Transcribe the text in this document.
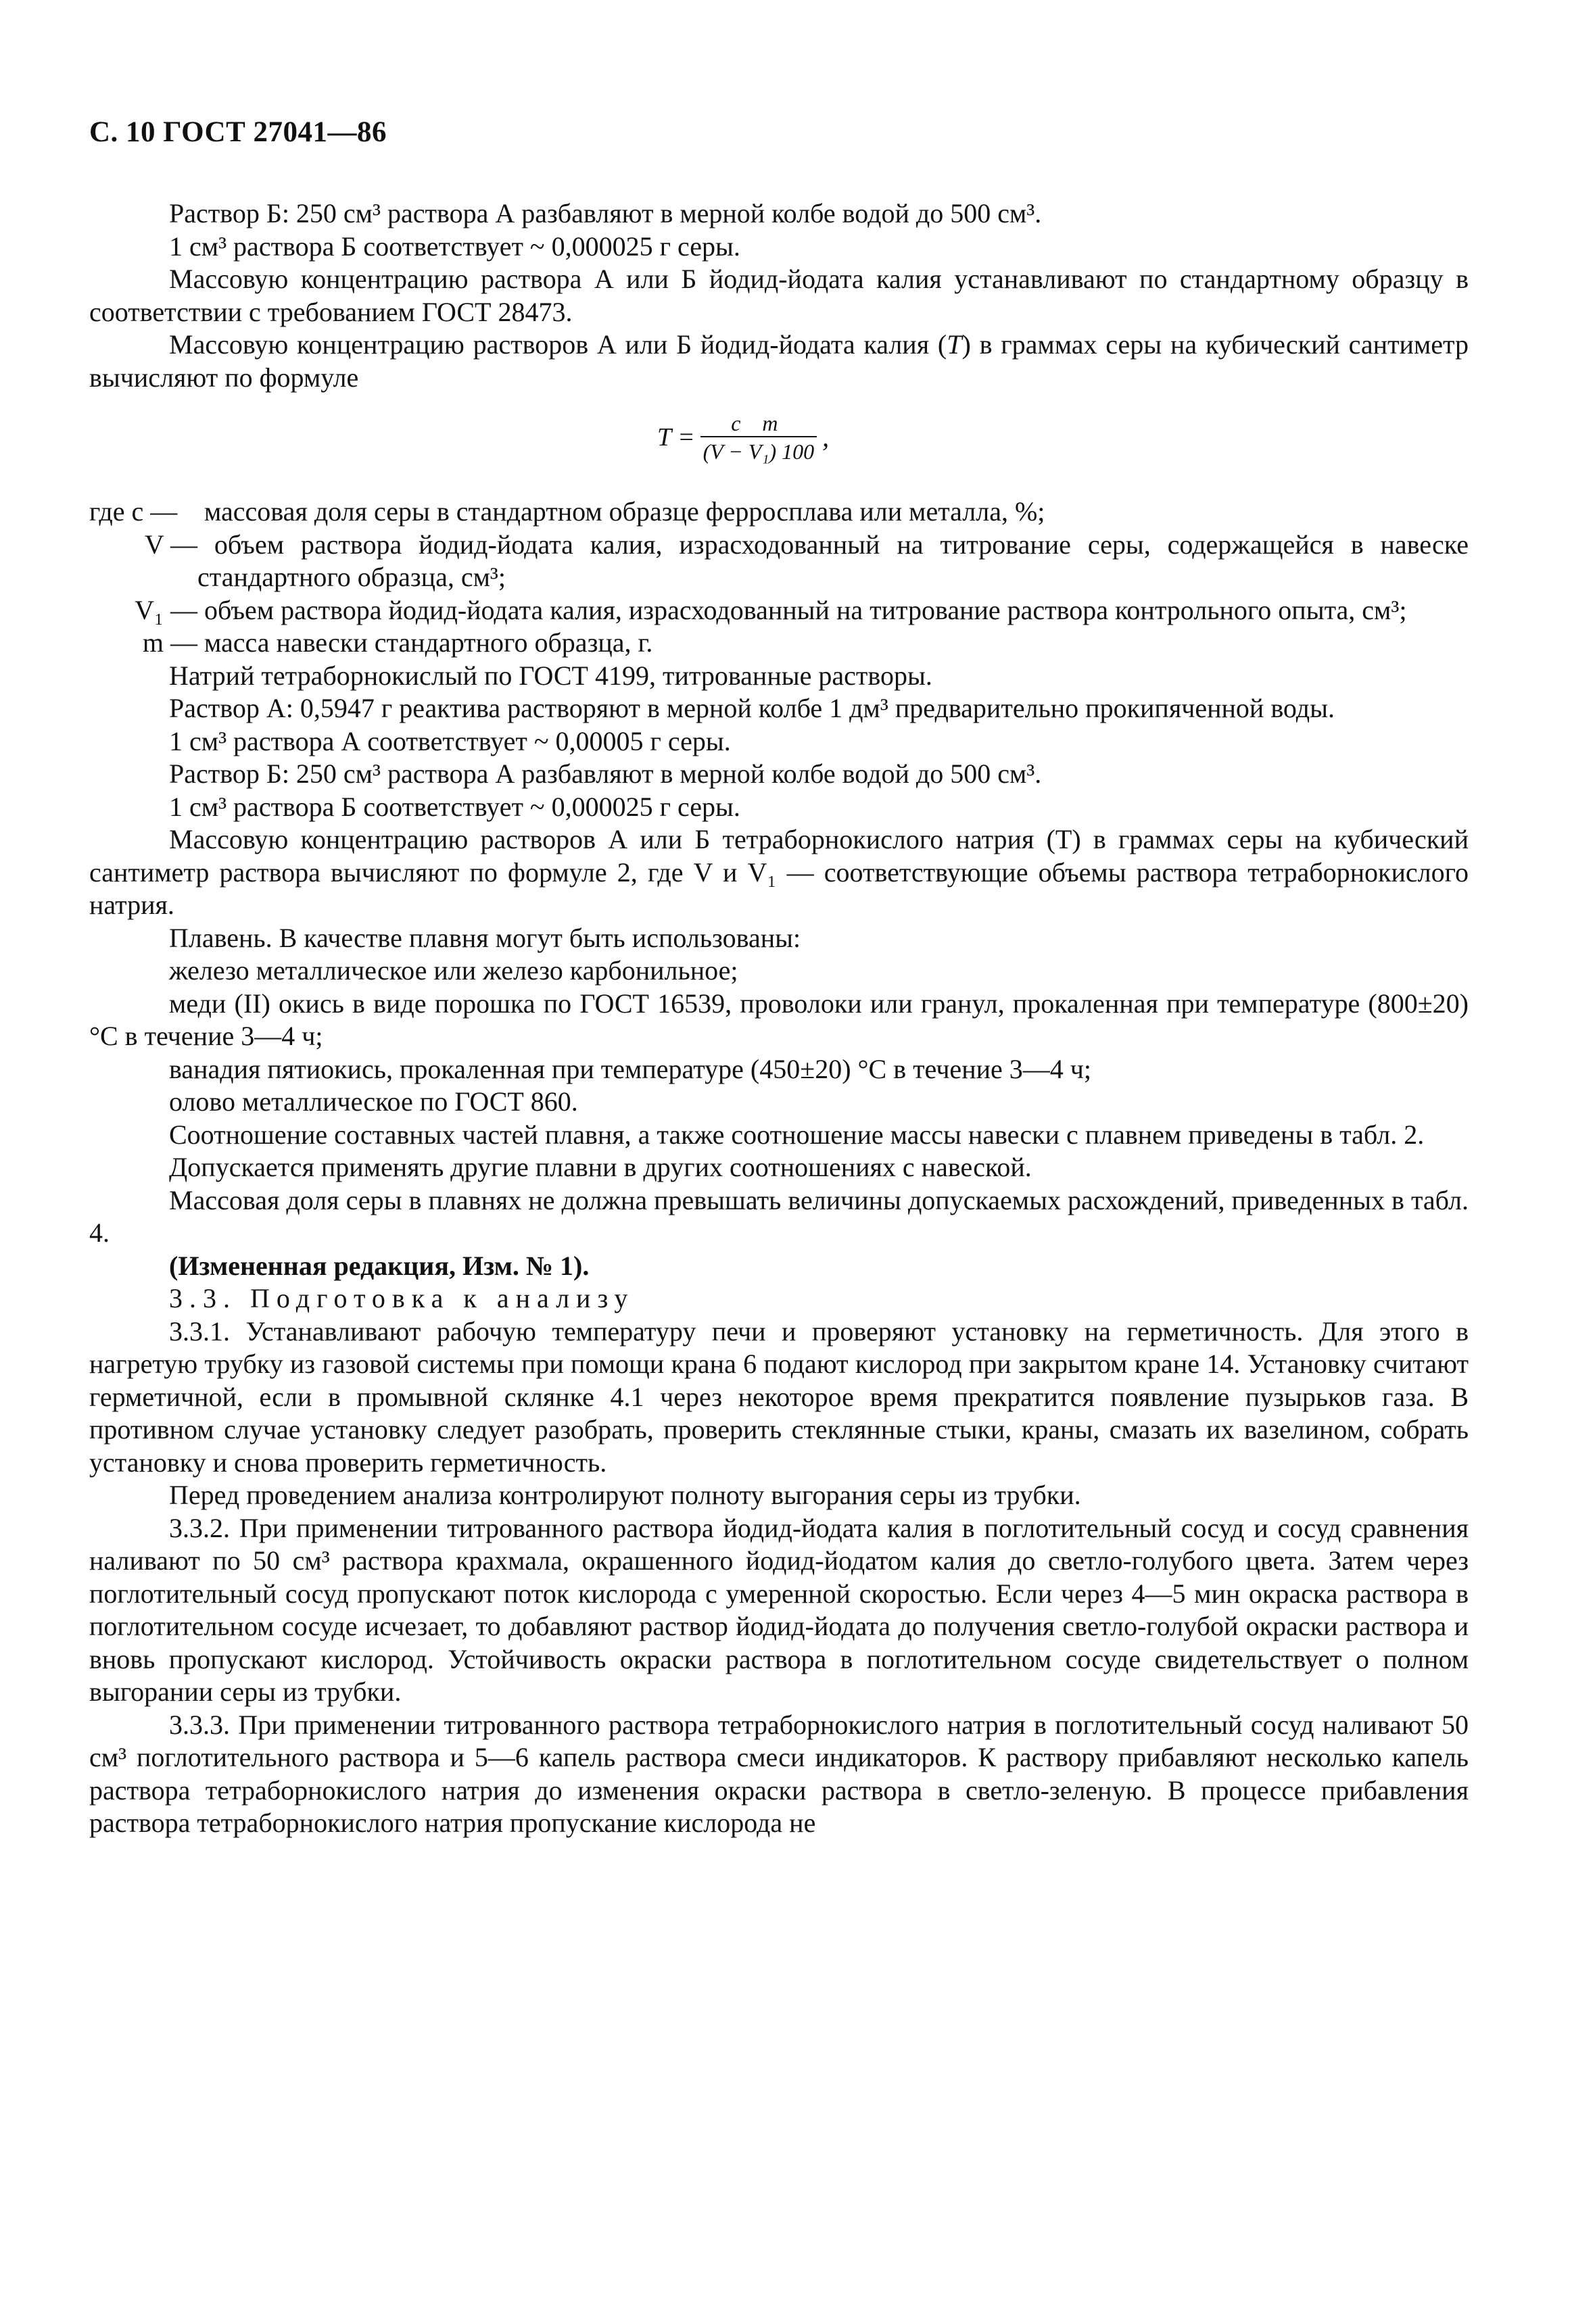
С. 10 ГОСТ 27041—86

Раствор Б: 250 см³ раствора А разбавляют в мерной колбе водой до 500 см³.

1 см³ раствора Б соответствует ~ 0,000025 г серы.

Массовую концентрацию раствора А или Б йодид-йодата калия устанавливают по стандартному образцу в соответствии с требованием ГОСТ 28473.

Массовую концентрацию растворов А или Б йодид-йодата калия (T) в граммах серы на кубический сантиметр вычисляют по формуле

$T = \frac{\text{c m}}{\text{(V − V₁) 100}}$ ,

где c — массовая доля серы в стандартном образце ферросплава или металла, %;

V — объем раствора йодид-йодата калия, израсходованный на титрование серы, содержащейся в навеске стандартного образца, см³;

V₁ — объем раствора йодид-йодата калия, израсходованный на титрование раствора контрольного опыта, см³;

m — масса навески стандартного образца, г.

Натрий тетраборнокислый по ГОСТ 4199, титрованные растворы.

Раствор А: 0,5947 г реактива растворяют в мерной колбе 1 дм³ предварительно прокипяченной воды.

1 см³ раствора А соответствует ~ 0,00005 г серы.

Раствор Б: 250 см³ раствора А разбавляют в мерной колбе водой до 500 см³.

1 см³ раствора Б соответствует ~ 0,000025 г серы.

Массовую концентрацию растворов А или Б тетраборнокислого натрия (T) в граммах серы на кубический сантиметр раствора вычисляют по формуле 2, где V и V₁ — соответствующие объемы раствора тетраборнокислого натрия.

Плавень. В качестве плавня могут быть использованы:

железо металлическое или железо карбонильное;

меди (II) окись в виде порошка по ГОСТ 16539, проволоки или гранул, прокаленная при температуре (800±20) °С в течение 3—4 ч;

ванадия пятиокись, прокаленная при температуре (450±20) °С в течение 3—4 ч;

олово металлическое по ГОСТ 860.

Соотношение составных частей плавня, а также соотношение массы навески с плавнем приведены в табл. 2.

Допускается применять другие плавни в других соотношениях с навеской.

Массовая доля серы в плавнях не должна превышать величины допускаемых расхождений, приведенных в табл. 4.

(Измененная редакция, Изм. № 1).

3.3. Подготовка к анализу

3.3.1. Устанавливают рабочую температуру печи и проверяют установку на герметичность. Для этого в нагретую трубку из газовой системы при помощи крана 6 подают кислород при закрытом кране 14. Установку считают герметичной, если в промывной склянке 4.1 через некоторое время прекратится появление пузырьков газа. В противном случае установку следует разобрать, проверить стеклянные стыки, краны, смазать их вазелином, собрать установку и снова проверить герметичность.

Перед проведением анализа контролируют полноту выгорания серы из трубки.

3.3.2. При применении титрованного раствора йодид-йодата калия в поглотительный сосуд и сосуд сравнения наливают по 50 см³ раствора крахмала, окрашенного йодид-йодатом калия до светло-голубого цвета. Затем через поглотительный сосуд пропускают поток кислорода с умеренной скоростью. Если через 4—5 мин окраска раствора в поглотительном сосуде исчезает, то добавляют раствор йодид-йодата до получения светло-голубой окраски раствора и вновь пропускают кислород. Устойчивость окраски раствора в поглотительном сосуде свидетельствует о полном выгорании серы из трубки.

3.3.3. При применении титрованного раствора тетраборнокислого натрия в поглотительный сосуд наливают 50 см³ поглотительного раствора и 5—6 капель раствора смеси индикаторов. К раствору прибавляют несколько капель раствора тетраборнокислого натрия до изменения окраски раствора в светло-зеленую. В процессе прибавления раствора тетраборнокислого натрия пропускание кислорода не
